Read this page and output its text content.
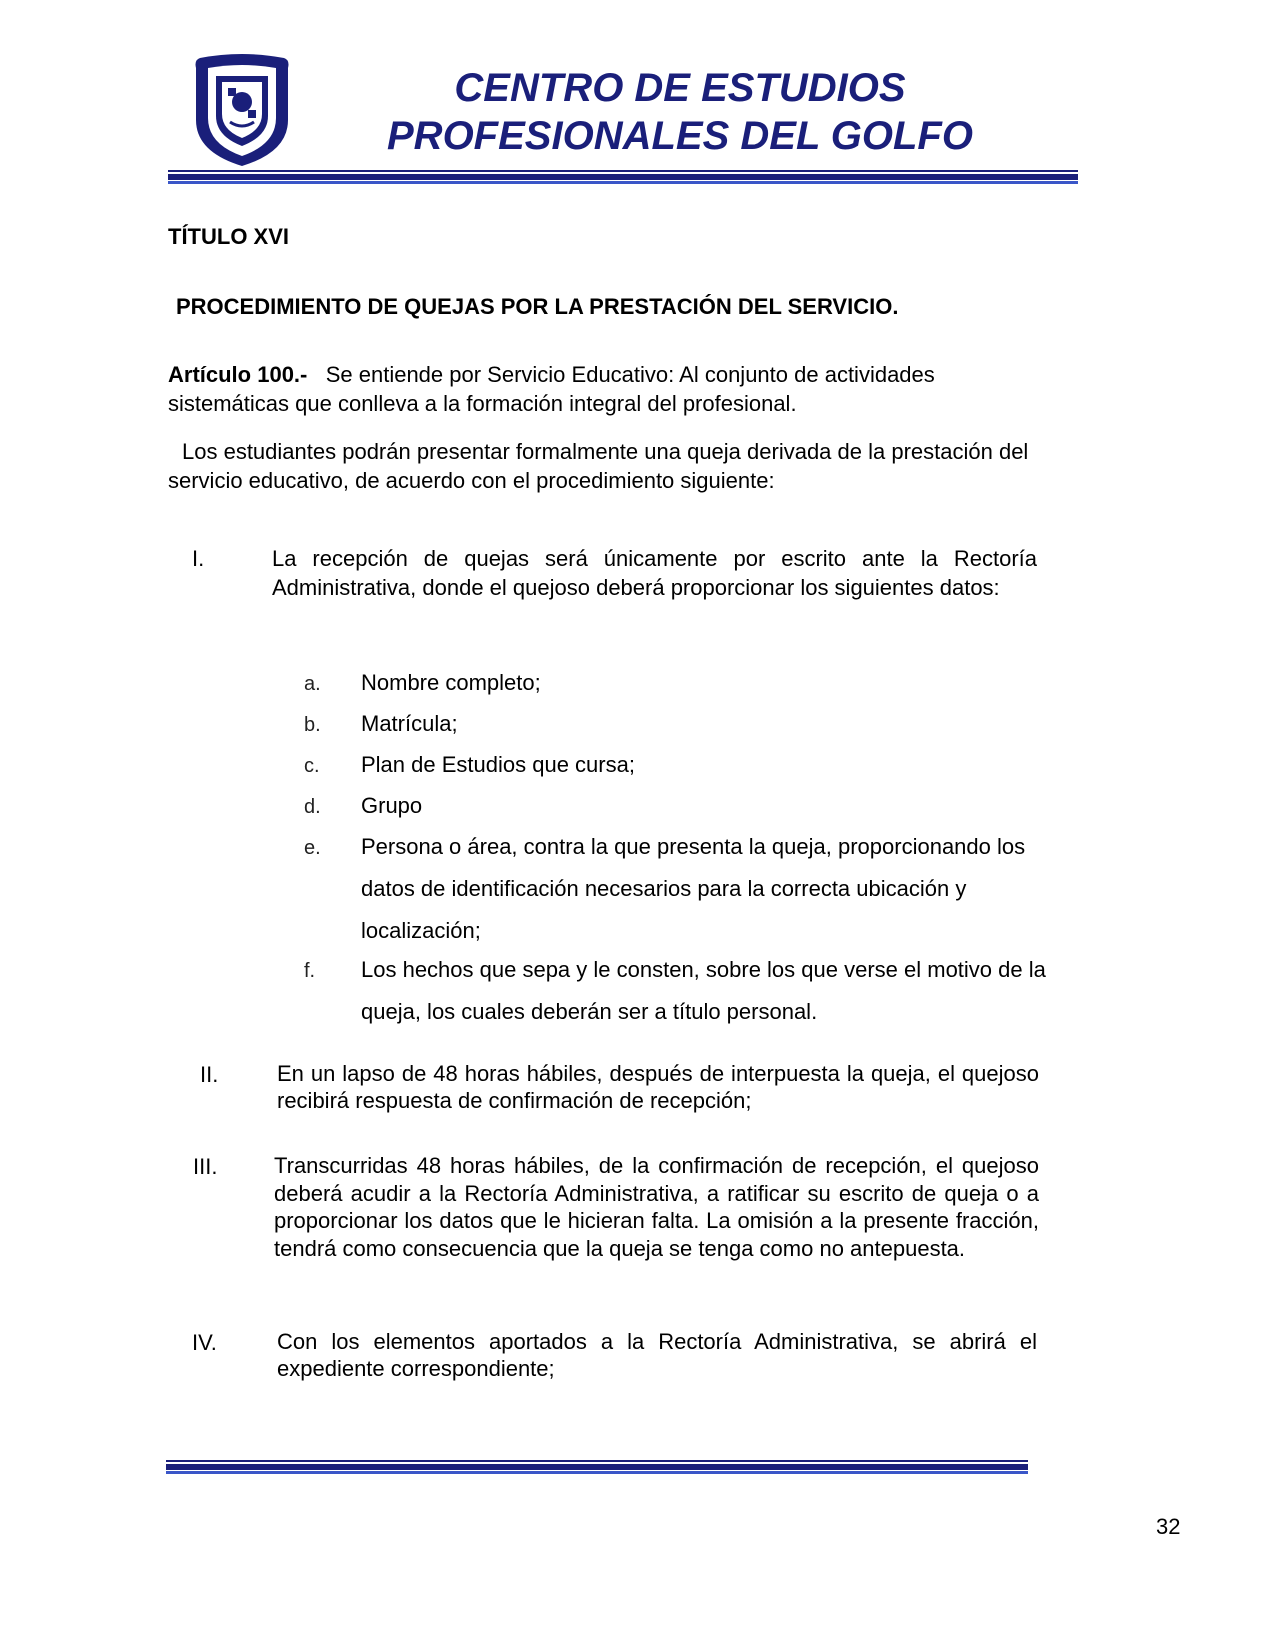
CENTRO DE ESTUDIOS
PROFESIONALES DEL GOLFO
TÍTULO XVI
PROCEDIMIENTO DE QUEJAS POR LA PRESTACIÓN DEL SERVICIO.
Artículo 100.- Se entiende por Servicio Educativo: Al conjunto de actividades sistemáticas que conlleva a la formación integral del profesional.
Los estudiantes podrán presentar formalmente una queja derivada de la prestación del servicio educativo, de acuerdo con el procedimiento siguiente:
I.	La recepción de quejas será únicamente por escrito ante la Rectoría Administrativa, donde el quejoso deberá proporcionar los siguientes datos:
a. Nombre completo;
b. Matrícula;
c. Plan de Estudios que cursa;
d. Grupo
e. Persona o área, contra la que presenta la queja, proporcionando los datos de identificación necesarios para la correcta ubicación y localización;
f. Los hechos que sepa y le consten, sobre los que verse el motivo de la queja, los cuales deberán ser a título personal.
II.	En un lapso de 48 horas hábiles, después de interpuesta la queja, el quejoso recibirá respuesta de confirmación de recepción;
III.	Transcurridas 48 horas hábiles, de la confirmación de recepción, el quejoso deberá acudir a la Rectoría Administrativa, a ratificar su escrito de queja o a proporcionar los datos que le hicieran falta. La omisión a la presente fracción, tendrá como consecuencia que la queja se tenga como no antepuesta.
IV.	Con los elementos aportados a la Rectoría Administrativa, se abrirá el expediente correspondiente;
32
